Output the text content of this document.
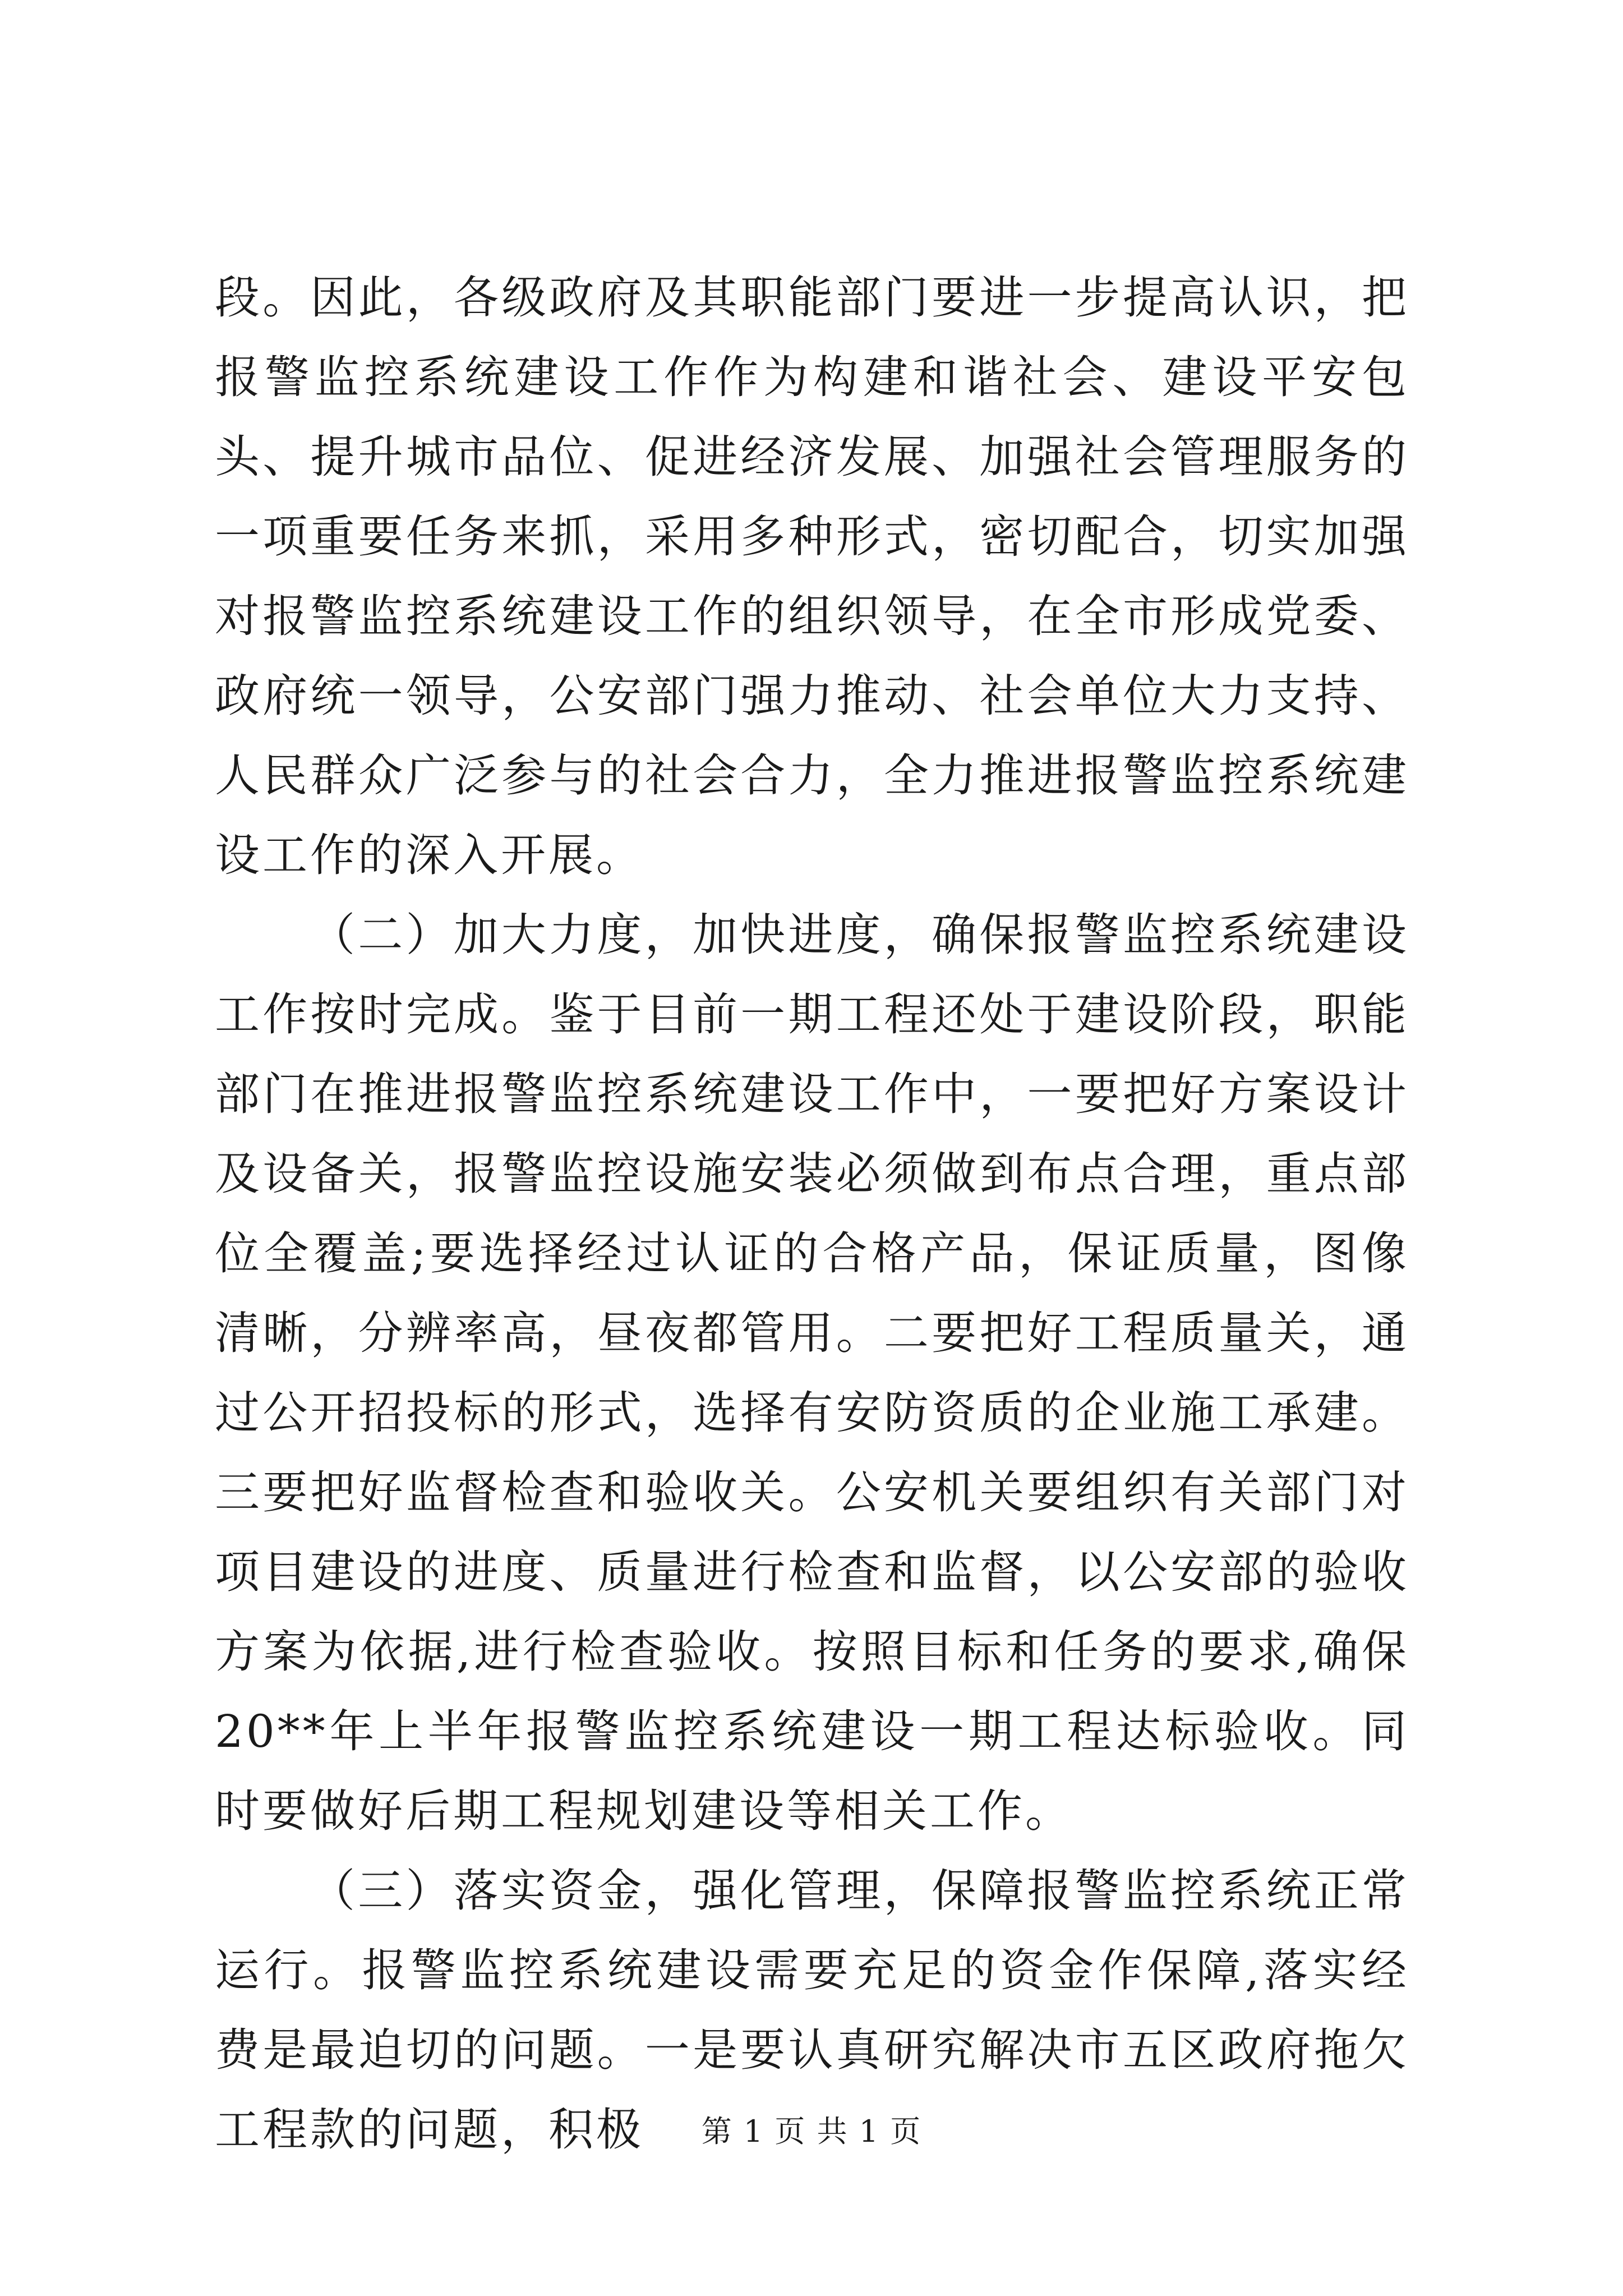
段。因此，各级政府及其职能部门要进一步提高认识，把报警监控系统建设工作作为构建和谐社会、建设平安包头、提升城市品位、促进经济发展、加强社会管理服务的一项重要任务来抓，采用多种形式，密切配合，切实加强对报警监控系统建设工作的组织领导，在全市形成党委、政府统一领导，公安部门强力推动、社会单位大力支持、人民群众广泛参与的社会合力，全力推进报警监控系统建设工作的深入开展。

（二）加大力度，加快进度，确保报警监控系统建设工作按时完成。鉴于目前一期工程还处于建设阶段，职能部门在推进报警监控系统建设工作中，一要把好方案设计及设备关，报警监控设施安装必须做到布点合理，重点部位全覆盖;要选择经过认证的合格产品，保证质量，图像清晰，分辨率高，昼夜都管用。二要把好工程质量关，通过公开招投标的形式，选择有安防资质的企业施工承建。三要把好监督检查和验收关。公安机关要组织有关部门对项目建设的进度、质量进行检查和监督，以公安部的验收方案为依据,进行检查验收。按照目标和任务的要求,确保20**年上半年报警监控系统建设一期工程达标验收。同时要做好后期工程规划建设等相关工作。

（三）落实资金，强化管理，保障报警监控系统正常运行。报警监控系统建设需要充足的资金作保障,落实经费是最迫切的问题。一是要认真研究解决市五区政府拖欠工程款的问题，积极	第 1 页 共 1 页
